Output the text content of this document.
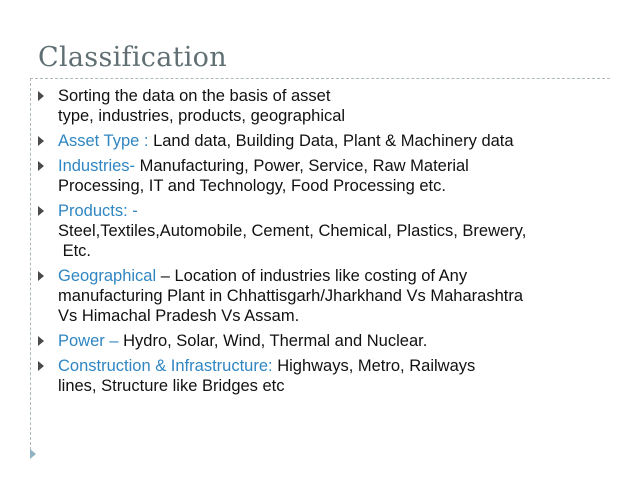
Classification
Sorting the data on the basis of asset
type, industries, products, geographical
Asset Type : Land data, Building Data, Plant & Machinery data
Industries- Manufacturing, Power, Service, Raw Material
Processing, IT and Technology, Food Processing etc.
Products: -
Steel,Textiles,Automobile, Cement, Chemical, Plastics, Brewery,
Etc.
Geographical – Location of industries like costing of Any
manufacturing Plant in Chhattisgarh/Jharkhand Vs Maharashtra
Vs Himachal Pradesh Vs Assam.
Power – Hydro, Solar, Wind, Thermal and Nuclear.
Construction & Infrastructure: Highways, Metro, Railways
lines, Structure like Bridges etc
